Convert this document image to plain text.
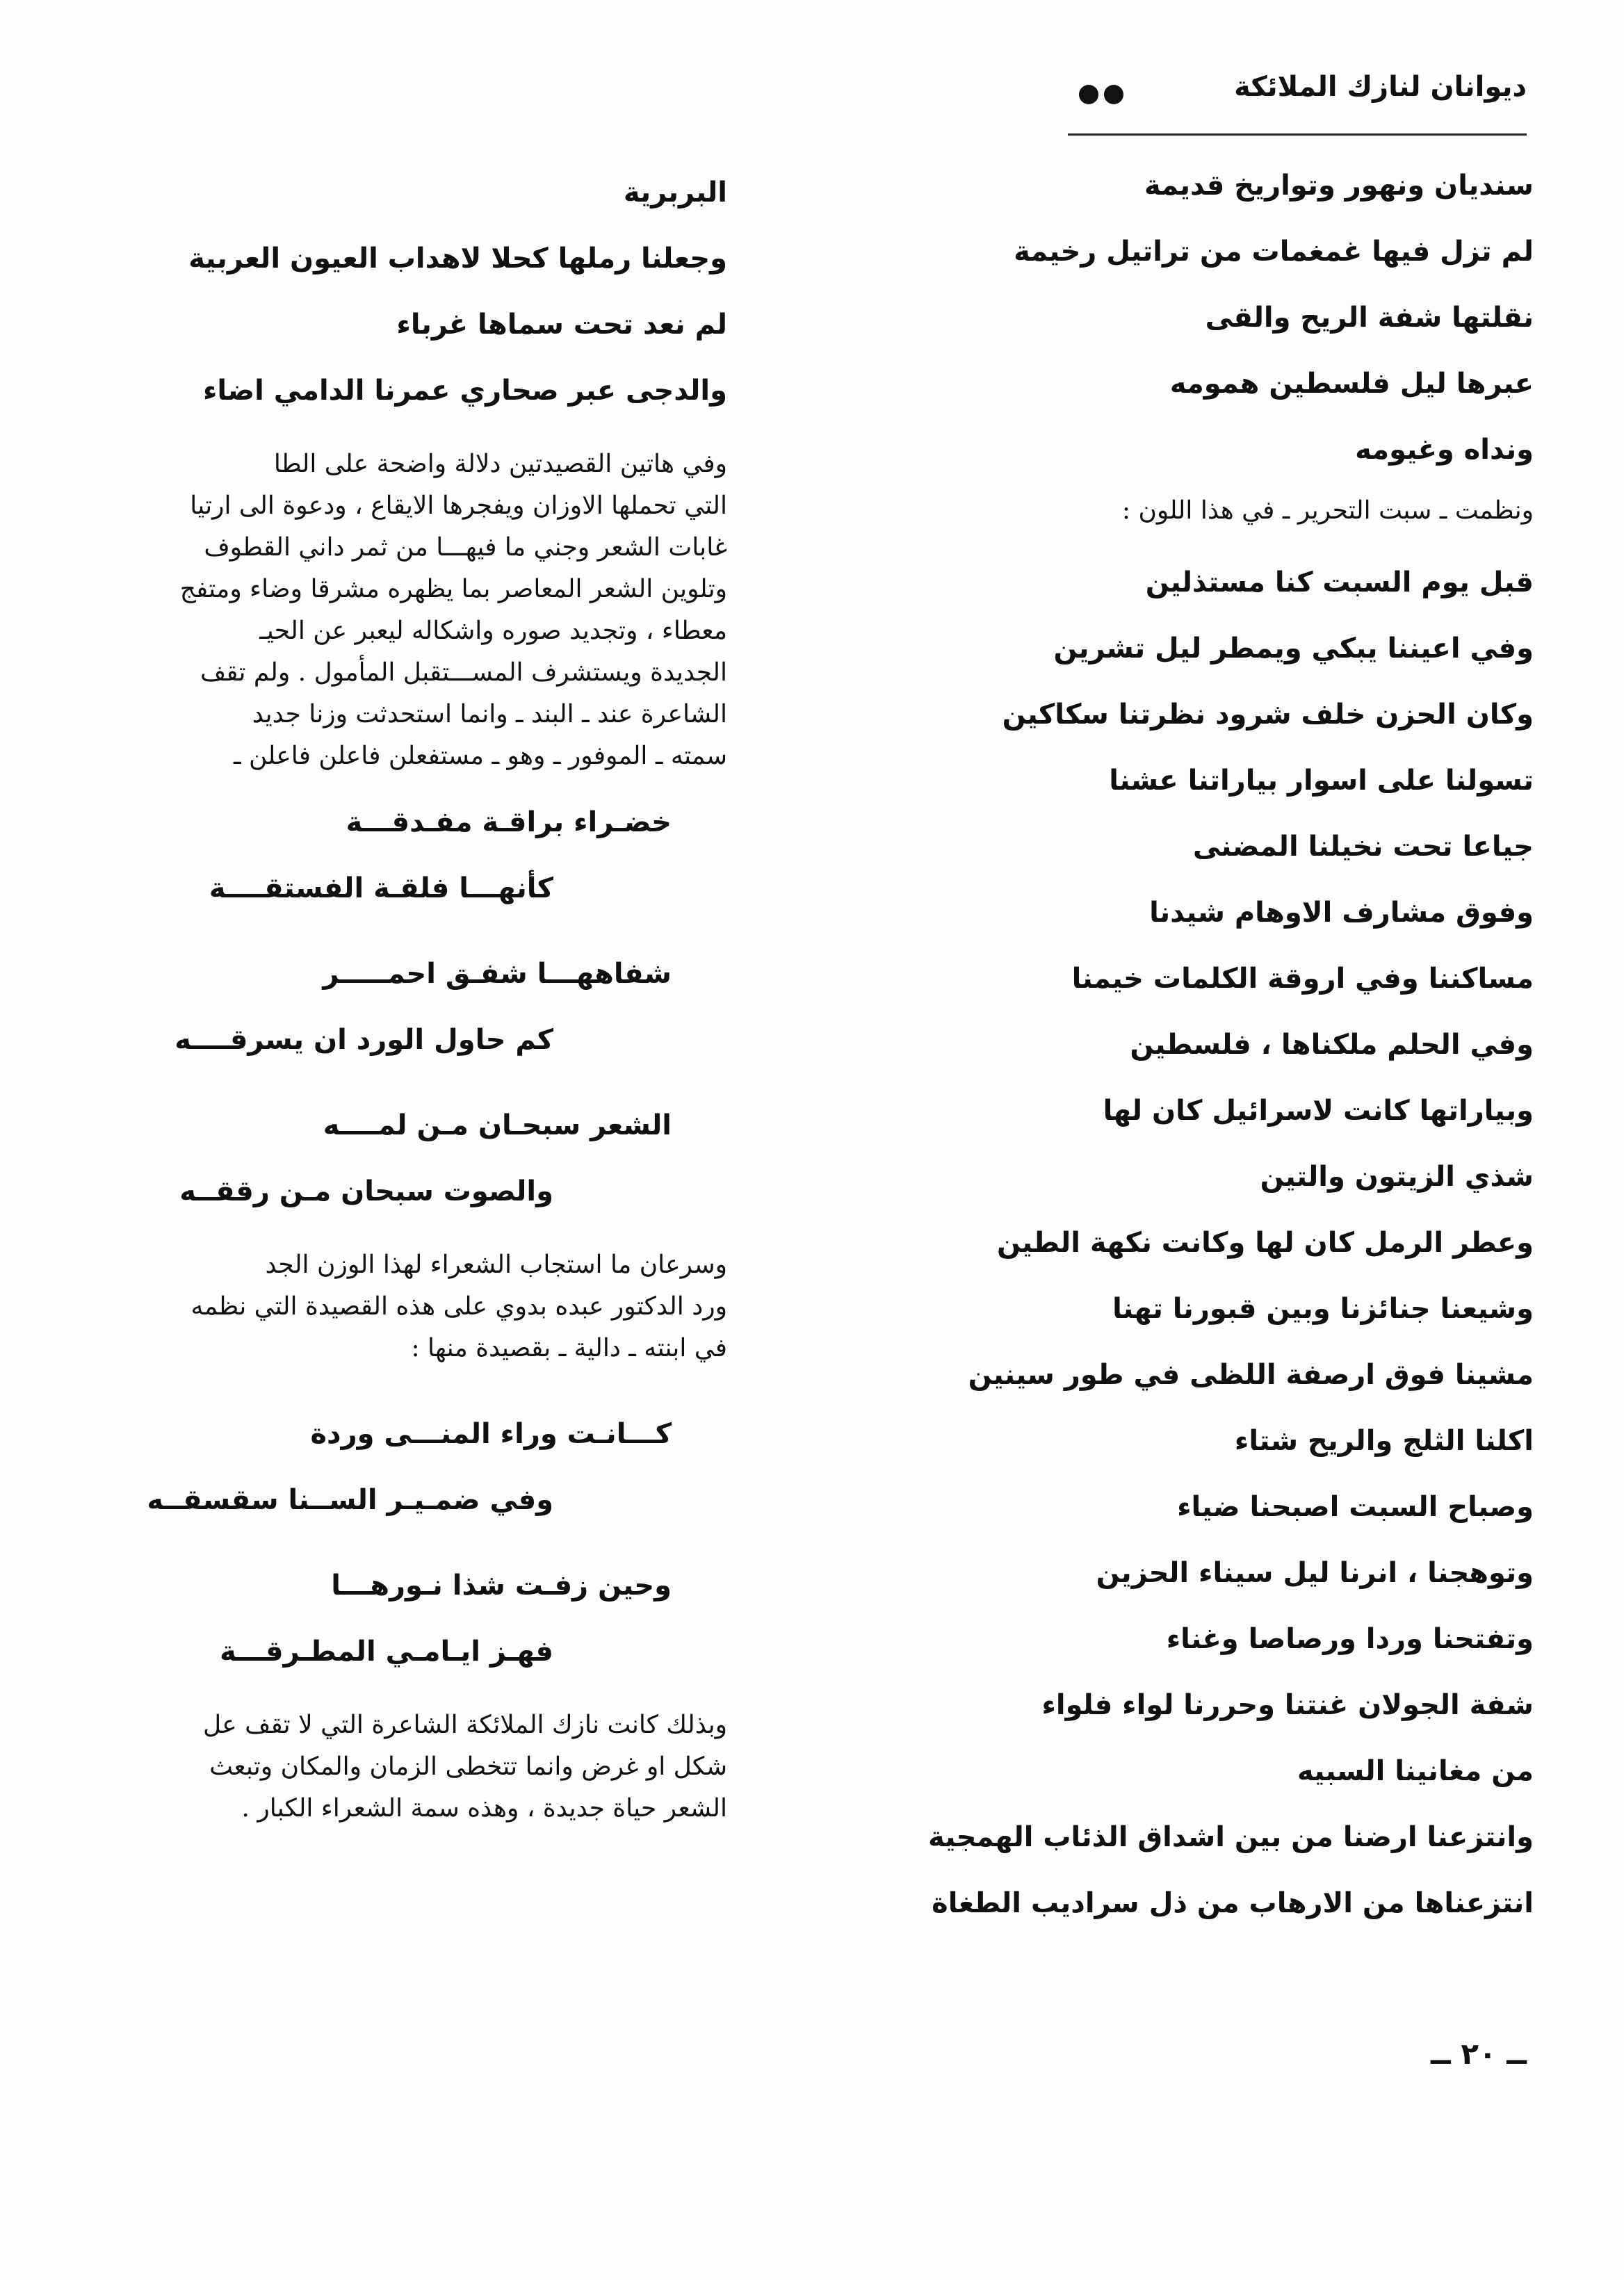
ديوانان لنازك الملائكة
سنديان ونهور وتواريخ قديمة
لم تزل فيها غمغمات من تراتيل رخيمة
نقلتها شفة الريح والقى
عبرها ليل فلسطين همومه
ونداه وغيومه
ونظمت ـ سبت التحرير ـ في هذا اللون :
قبل يوم السبت كنا مستذلين
وفي اعيننا يبكي ويمطر ليل تشرين
وكان الحزن خلف شرود نظرتنا سكاكين
تسولنا على اسوار بياراتنا عشنا
جياعا تحت نخيلنا المضنى
وفوق مشارف الاوهام شيدنا
مساكننا وفي اروقة الكلمات خيمنا
وفي الحلم ملكناها ، فلسطين
وبياراتها كانت لاسرائيل كان لها
شذي الزيتون والتين
وعطر الرمل كان لها وكانت نكهة الطين
وشيعنا جنائزنا وبين قبورنا تهنا
مشينا فوق ارصفة اللظى في طور سينين
اكلنا الثلج والريح شتاء
وصباح السبت اصبحنا ضياء
وتوهجنا ، انرنا ليل سيناء الحزين
وتفتحنا وردا ورصاصا وغناء
شفة الجولان غنتنا وحررنا لواء فلواء
من مغانينا السبيه
وانتزعنا ارضنا من بين اشداق الذئاب الهمجية
انتزعناها من الارهاب من ذل سراديب الطغاة
ــ ٢٠ ــ
البربرية
وجعلنا رملها كحلا لاهداب العيون العربية
لم نعد تحت سماها غرباء
والدجى عبر صحاري عمرنا الدامي اضاء
وفي هاتين القصيدتين دلالة واضحة على الطا
التي تحملها الاوزان ويفجرها الايقاع ، ودعوة الى ارتيا
غابات الشعر وجني ما فيهـــا من ثمر داني القطوف
وتلوين الشعر المعاصر بما يظهره مشرقا وضاء ومتفج
معطاء ، وتجديد صوره واشكاله ليعبر عن الحيـ
الجديدة ويستشرف المســـتقبل المأمول . ولم تقف
الشاعرة عند ـ البند ـ وانما استحدثت وزنا جديد
سمته ـ الموفور ـ وهو ـ مستفعلن فاعلن فاعلن ـ
خضـراء براقـة مفـدقـــة
كأنهـــا فلقـة الفستقــــة
شفاههـــا شفـق احمـــــر
كم حاول الورد ان يسرقــــه
الشعر سبحـان مـن لمــــه
والصوت سبحان مـن رققــه
وسرعان ما استجاب الشعراء لهذا الوزن الجد
ورد الدكتور عبده بدوي على هذه القصيدة التي نظمه
في ابنته ـ دالية ـ بقصيدة منها :
كـــانـت وراء المنـــى وردة
وفي ضمـيـر الســنا سقسقــه
وحين زفـت شذا نـورهـــا
فهـز ايـامـي المطـرقـــة
وبذلك كانت نازك الملائكة الشاعرة التي لا تقف عل
شكل او غرض وانما تتخطى الزمان والمكان وتبعث
الشعر حياة جديدة ، وهذه سمة الشعراء الكبار .
